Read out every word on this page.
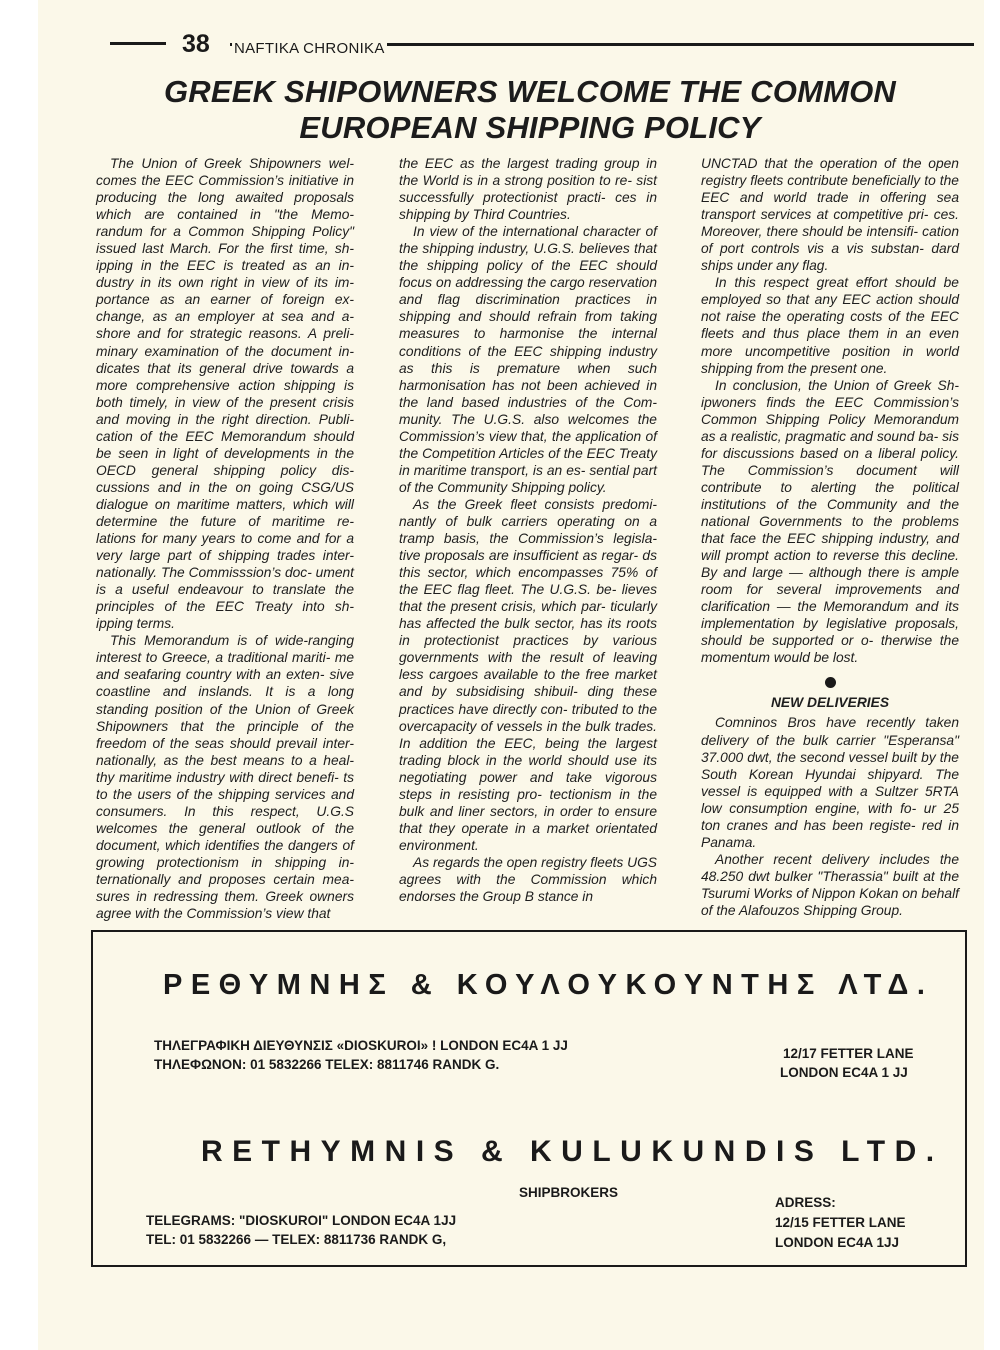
38 NAFTIKA CHRONIKA
GREEK SHIPOWNERS WELCOME THE COMMON
EUROPEAN SHIPPING POLICY

The Union of Greek Shipowners wel- comes the EEC Commission’s initiative in producing the long awaited proposals which are contained in "the Memo- randum for a Common Shipping Policy" issued last March. For the first time, sh- ipping in the EEC is treated as an in- dustry in its own right in view of its im- portance as an earner of foreign ex- change, as an employer at sea and a- shore and for strategic reasons. A preli- minary examination of the document in- dicates that its general drive towards a more comprehensive action shipping is both timely, in view of the present crisis and moving in the right direction. Publi- cation of the EEC Memorandum should be seen in light of developments in the OECD general shipping policy dis- cussions and in the on going CSG/US dialogue on maritime matters, which will determine the future of maritime re- lations for many years to come and for a very large part of shipping trades inter- nationally. The Commisssion’s doc- ument is a useful endeavour to translate the principles of the EEC Treaty into sh- ipping terms.

This Memorandum is of wide-ranging interest to Greece, a traditional mariti- me and seafaring country with an exten- sive coastline and inslands. It is a long standing position of the Union of Greek Shipowners that the principle of the freedom of the seas should prevail inter- nationally, as the best means to a heal- thy maritime industry with direct benefi- ts to the users of the shipping services and consumers. In this respect, U.G.S welcomes the general outlook of the document, which identifies the dangers of growing protectionism in shipping in- ternationally and proposes certain mea- sures in redressing them. Greek owners agree with the Commission’s view that

the EEC as the largest trading group in the World is in a strong position to re- sist successfully protectionist practi- ces in shipping by Third Countries.

In view of the international character of the shipping industry, U.G.S. believes that the shipping policy of the EEC should focus on addressing the cargo reservation and flag discrimination practices in shipping and should refrain from taking measures to harmonise the internal conditions of the EEC shipping industry as this is premature when such harmonisation has not been achieved in the land based industries of the Com- munity. The U.G.S. also welcomes the Commission’s view that, the application of the Competition Articles of the EEC Treaty in maritime transport, is an es- sential part of the Community Shipping policy.

As the Greek fleet consists predomi- nantly of bulk carriers operating on a tramp basis, the Commission’s legisla- tive proposals are insufficient as regar- ds this sector, which encompasses 75% of the EEC flag fleet. The U.G.S. be- lieves that the present crisis, which par- ticularly has affected the bulk sector, has its roots in protectionist practices by various governments with the result of leaving less cargoes available to the free market and by subsidising shibuil- ding these practices have directly con- tributed to the overcapacity of vessels in the bulk trades. In addition the EEC, being the largest trading block in the world should use its negotiating power and take vigorous steps in resisting pro- tectionism in the bulk and liner sectors, in order to ensure that they operate in a market orientated environment.

As regards the open registry fleets UGS agrees with the Commission which endorses the Group B stance in

UNCTAD that the operation of the open registry fleets contribute beneficially to the EEC and world trade in offering sea transport services at competitive pri- ces. Moreover, there should be intensifi- cation of port controls vis a vis substan- dard ships under any flag.

In this respect great effort should be employed so that any EEC action should not raise the operating costs of the EEC fleets and thus place them in an even more uncompetitive position in world shipping from the present one.

In conclusion, the Union of Greek Sh- ipwoners finds the EEC Commission’s Common Shipping Policy Memorandum as a realistic, pragmatic and sound ba- sis for discussions based on a liberal policy. The Commission’s document will contribute to alerting the political institutions of the Community and the national Governments to the problems that face the EEC shipping industry, and will prompt action to reverse this decline. By and large — although there is ample room for several improvements and clarification — the Memorandum and its implementation by legislative proposals, should be supported or o- therwise the momentum would be lost.

NEW DELIVERIES

Comninos Bros have recently taken delivery of the bulk carrier "Esperansa" 37.000 dwt, the second vessel built by the South Korean Hyundai shipyard. The vessel is equipped with a Sultzer 5RTA low consumption engine, with fo- ur 25 ton cranes and has been registe- red in Panama.

Another recent delivery includes the 48.250 dwt bulker "Therassia" built at the Tsurumi Works of Nippon Kokan on behalf of the Alafouzos Shipping Group.

ΡΕΘΥΜΝΗΣ & ΚΟΥΛΟΥΚΟΥΝΤΗΣ ΛΤΔ.
ΤΗΛΕΓΡΑΦΙΚΗ ΔΙΕΥΘΥΝΣΙΣ «DIOSKUROI» ! LONDON EC4A 1 JJ
ΤΗΛΕΦΩΝΟΝ: 01 5832266 TELEX: 8811746 RANDK G.
12/17 FETTER LANE
LONDON EC4A 1 JJ
RETHYMNIS & KULUKUNDIS LTD.
SHIPBROKERS
TELEGRAMS: "DIOSKUROI" LONDON EC4A 1JJ
TEL: 01 5832266 — TELEX: 8811736 RANDK G,
ADRESS:
12/15 FETTER LANE
LONDON EC4A 1JJ
